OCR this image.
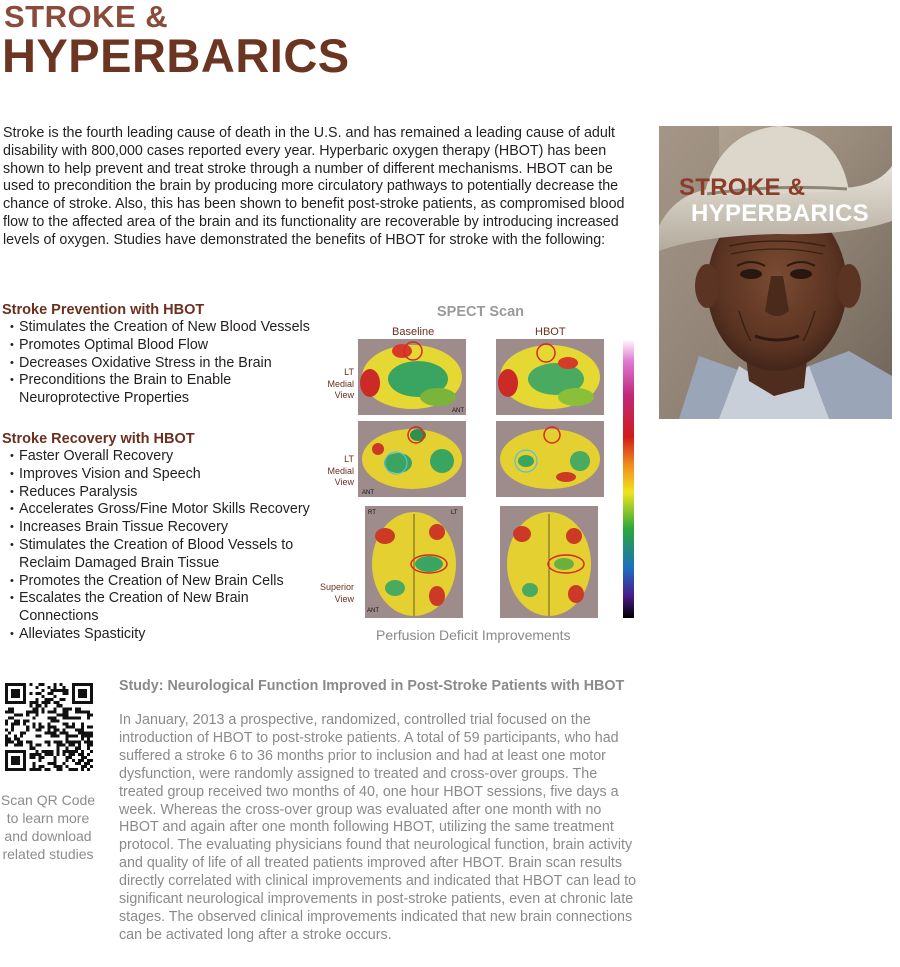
STROKE &
HYPERBARICS
Stroke is the fourth leading cause of death in the U.S. and has remained a leading cause of adult disability with 800,000 cases reported every year. Hyperbaric oxygen therapy (HBOT) has been shown to help prevent and treat stroke through a number of different mechanisms. HBOT can be used to precondition the brain by producing more circulatory pathways to potentially decrease the chance of stroke. Also, this has been shown to benefit post-stroke patients, as compromised blood flow to the affected area of the brain and its functionality are recoverable by introducing increased levels of oxygen. Studies have demonstrated the benefits of HBOT for stroke with the following:
STROKE &
HYPERBARICS
Stroke Prevention with HBOT
• Stimulates the Creation of New Blood Vessels
• Promotes Optimal Blood Flow
• Decreases Oxidative Stress in the Brain
• Preconditions the Brain to Enable Neuroprotective Properties
Stroke Recovery with HBOT
• Faster Overall Recovery
• Improves Vision and Speech
• Reduces Paralysis
• Accelerates Gross/Fine Motor Skills Recovery
• Increases Brain Tissue Recovery
• Stimulates the Creation of Blood Vessels to Reclaim Damaged Brain Tissue
• Promotes the Creation of New Brain Cells
• Escalates the Creation of New Brain Connections
• Alleviates Spasticity
SPECT Scan
Baseline	HBOT
LT
Medial
View
LT
Medial
View
Superior
View
ANT
ANT
RT	LT
ANT
Perfusion Deficit Improvements
Scan QR Code
to learn more
and download
related studies
Study: Neurological Function Improved in Post-Stroke Patients with HBOT
In January, 2013 a prospective, randomized, controlled trial focused on the introduction of HBOT to post-stroke patients. A total of 59 participants, who had suffered a stroke 6 to 36 months prior to inclusion and had at least one motor dysfunction, were randomly assigned to treated and cross-over groups. The treated group received two months of 40, one hour HBOT sessions, five days a week. Whereas the cross-over group was evaluated after one month with no HBOT and again after one month following HBOT, utilizing the same treatment protocol. The evaluating physicians found that neurological function, brain activity and quality of life of all treated patients improved after HBOT. Brain scan results directly correlated with clinical improvements and indicated that HBOT can lead to significant neurological improvements in post-stroke patients, even at chronic late stages. The observed clinical improvements indicated that new brain connections can be activated long after a stroke occurs.
